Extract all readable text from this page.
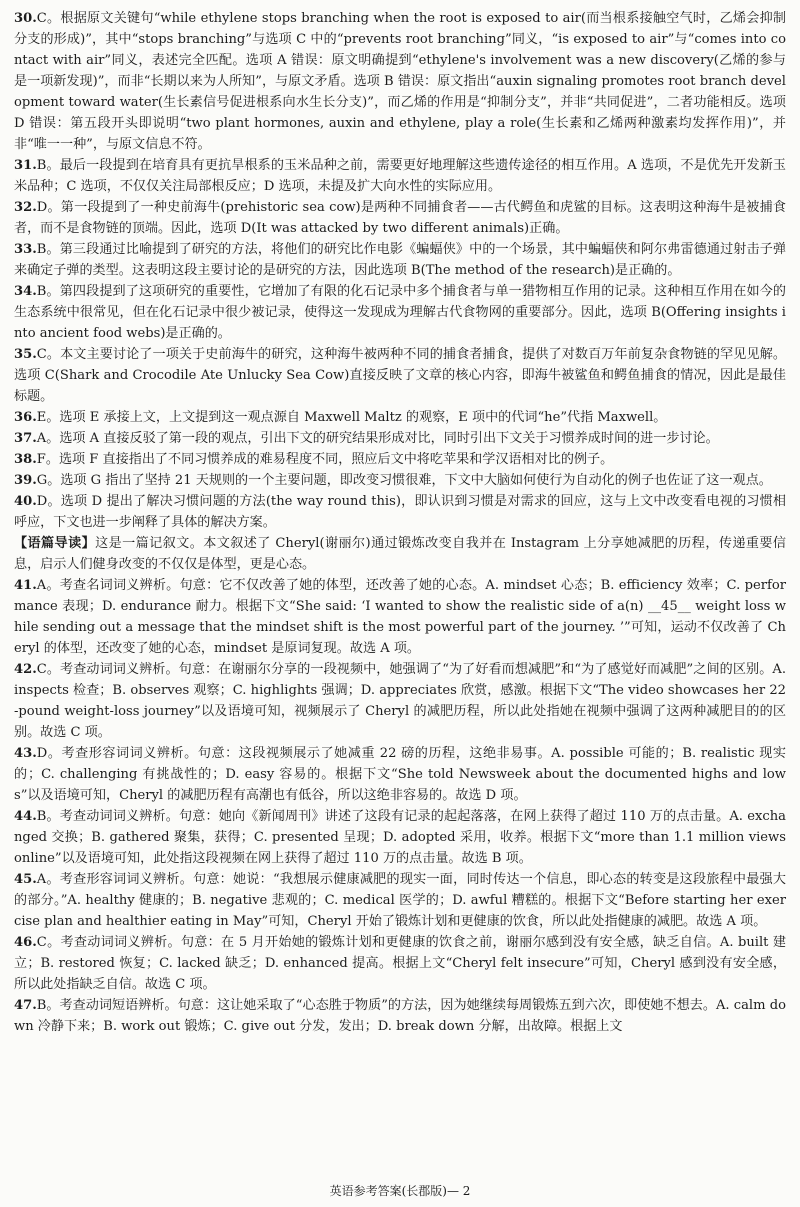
30.C。根据原文关键句“while ethylene stops branching when the root is exposed to air(而当根系接触空气时，乙烯会抑制分支的形成)”，其中“stops branching”与选项 C 中的“prevents root branching”同义，“is exposed to air”与“comes into contact with air”同义，表述完全匹配。选项 A 错误：原文明确提到“ethylene's involvement was a new discovery(乙烯的参与是一项新发现)”，而非“长期以来为人所知”，与原文矛盾。选项 B 错误：原文指出“auxin signaling promotes root branch development toward water(生长素信号促进根系向水生长分支)”，而乙烯的作用是“抑制分支”，并非“共同促进”，二者功能相反。选项 D 错误：第五段开头即说明“two plant hormones, auxin and ethylene, play a role(生长素和乙烯两种激素均发挥作用)”，并非“唯一一种”，与原文信息不符。

31.B。最后一段提到在培育具有更抗旱根系的玉米品种之前，需要更好地理解这些遗传途径的相互作用。A 选项，不是优先开发新玉米品种；C 选项，不仅仅关注局部根反应；D 选项，未提及扩大向水性的实际应用。

32.D。第一段提到了一种史前海牛(prehistoric sea cow)是两种不同捕食者——古代鳄鱼和虎鲨的目标。这表明这种海牛是被捕食者，而不是食物链的顶端。因此，选项 D(It was attacked by two different animals)正确。

33.B。第三段通过比喻提到了研究的方法，将他们的研究比作电影《蝙蝠侠》中的一个场景，其中蝙蝠侠和阿尔弗雷德通过射击子弹来确定子弹的类型。这表明这段主要讨论的是研究的方法，因此选项 B(The method of the research)是正确的。

34.B。第四段提到了这项研究的重要性，它增加了有限的化石记录中多个捕食者与单一猎物相互作用的记录。这种相互作用在如今的生态系统中很常见，但在化石记录中很少被记录，使得这一发现成为理解古代食物网的重要部分。因此，选项 B(Offering insights into ancient food webs)是正确的。

35.C。本文主要讨论了一项关于史前海牛的研究，这种海牛被两种不同的捕食者捕食，提供了对数百万年前复杂食物链的罕见见解。选项 C(Shark and Crocodile Ate Unlucky Sea Cow)直接反映了文章的核心内容，即海牛被鲨鱼和鳄鱼捕食的情况，因此是最佳标题。

36.E。选项 E 承接上文，上文提到这一观点源自 Maxwell Maltz 的观察，E 项中的代词“he”代指 Maxwell。

37.A。选项 A 直接反驳了第一段的观点，引出下文的研究结果形成对比，同时引出下文关于习惯养成时间的进一步讨论。

38.F。选项 F 直接指出了不同习惯养成的难易程度不同，照应后文中将吃苹果和学汉语相对比的例子。

39.G。选项 G 指出了坚持 21 天规则的一个主要问题，即改变习惯很难，下文中大脑如何使行为自动化的例子也佐证了这一观点。

40.D。选项 D 提出了解决习惯问题的方法(the way round this)，即认识到习惯是对需求的回应，这与上文中改变看电视的习惯相呼应，下文也进一步阐释了具体的解决方案。

【语篇导读】这是一篇记叙文。本文叙述了 Cheryl(谢丽尔)通过锻炼改变自我并在 Instagram 上分享她减肥的历程，传递重要信息，启示人们健身改变的不仅仅是体型，更是心态。

41.A。考查名词词义辨析。句意：它不仅改善了她的体型，还改善了她的心态。A. mindset 心态；B. efficiency 效率；C. performance 表现；D. endurance 耐力。根据下文“She said: ‘I wanted to show the realistic side of a(n) __45__ weight loss while sending out a message that the mindset shift is the most powerful part of the journey. ’”可知，运动不仅改善了 Cheryl 的体型，还改变了她的心态，mindset 是原词复现。故选 A 项。

42.C。考查动词词义辨析。句意：在谢丽尔分享的一段视频中，她强调了“为了好看而想减肥”和“为了感觉好而减肥”之间的区别。A. inspects 检查；B. observes 观察；C. highlights 强调；D. appreciates 欣赏，感激。根据下文“The video showcases her 22-pound weight-loss journey”以及语境可知，视频展示了 Cheryl 的减肥历程，所以此处指她在视频中强调了这两种减肥目的的区别。故选 C 项。

43.D。考查形容词词义辨析。句意：这段视频展示了她减重 22 磅的历程，这绝非易事。A. possible 可能的；B. realistic 现实的；C. challenging 有挑战性的；D. easy 容易的。根据下文“She told Newsweek about the documented highs and lows”以及语境可知，Cheryl 的减肥历程有高潮也有低谷，所以这绝非容易的。故选 D 项。

44.B。考查动词词义辨析。句意：她向《新闻周刊》讲述了这段有记录的起起落落，在网上获得了超过 110 万的点击量。A. exchanged 交换；B. gathered 聚集，获得；C. presented 呈现；D. adopted 采用，收养。根据下文“more than 1.1 million views online”以及语境可知，此处指这段视频在网上获得了超过 110 万的点击量。故选 B 项。

45.A。考查形容词词义辨析。句意：她说：“我想展示健康减肥的现实一面，同时传达一个信息，即心态的转变是这段旅程中最强大的部分。”A. healthy 健康的；B. negative 悲观的；C. medical 医学的；D. awful 糟糕的。根据下文“Before starting her exercise plan and healthier eating in May”可知，Cheryl 开始了锻炼计划和更健康的饮食，所以此处指健康的减肥。故选 A 项。

46.C。考查动词词义辨析。句意：在 5 月开始她的锻炼计划和更健康的饮食之前，谢丽尔感到没有安全感，缺乏自信。A. built 建立；B. restored 恢复；C. lacked 缺乏；D. enhanced 提高。根据上文“Cheryl felt insecure”可知，Cheryl 感到没有安全感，所以此处指缺乏自信。故选 C 项。

47.B。考查动词短语辨析。句意：这让她采取了“心态胜于物质”的方法，因为她继续每周锻炼五到六次，即使她不想去。A. calm down 冷静下来；B. work out 锻炼；C. give out 分发，发出；D. break down 分解，出故障。根据上文

英语参考答案(长郡版)— 2
